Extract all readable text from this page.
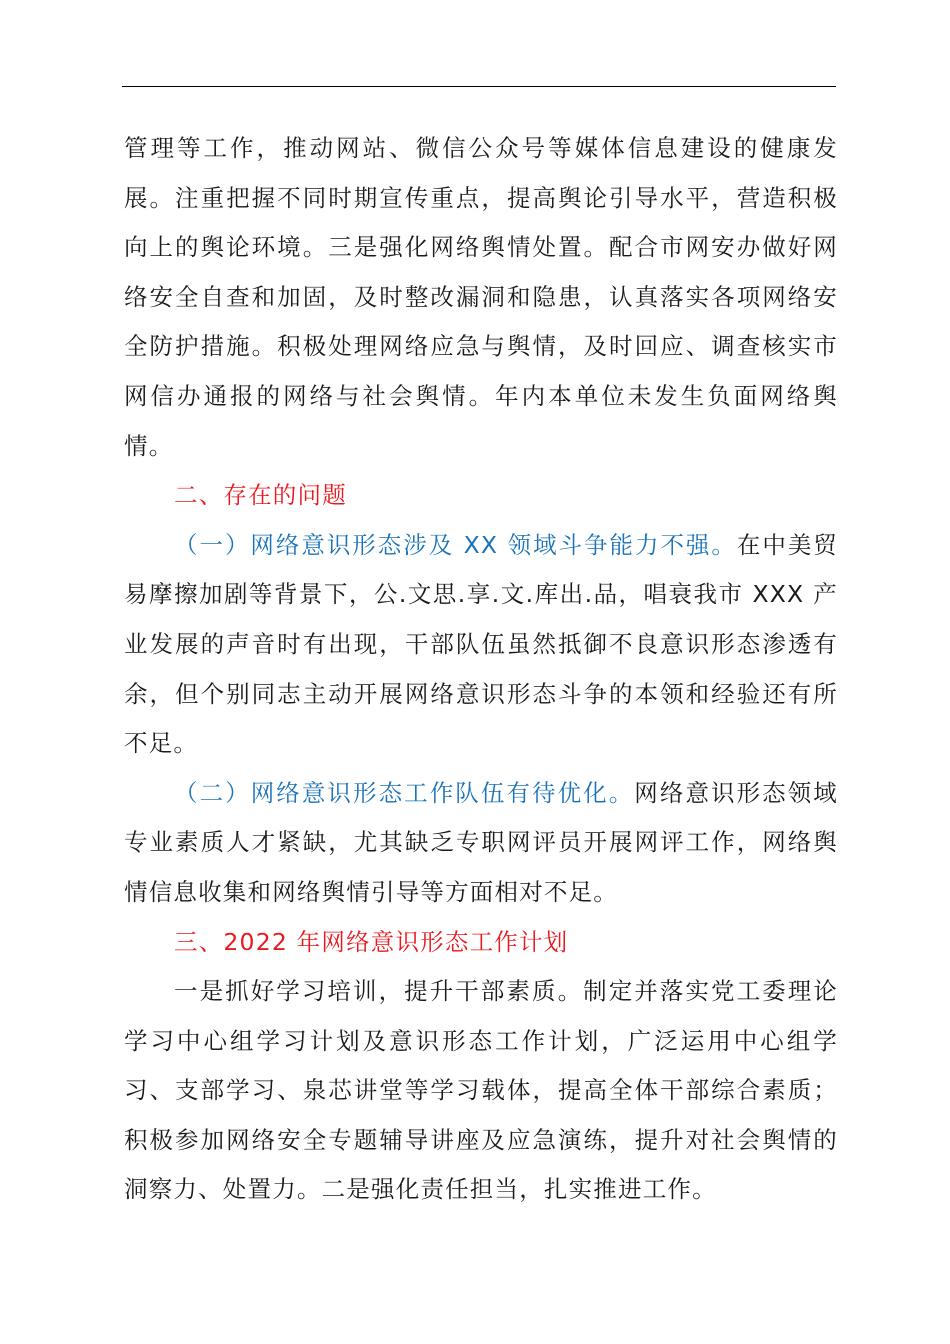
管理等工作，推动网站、微信公众号等媒体信息建设的健康发展。注重把握不同时期宣传重点，提高舆论引导水平，营造积极向上的舆论环境。三是强化网络舆情处置。配合市网安办做好网络安全自查和加固，及时整改漏洞和隐患，认真落实各项网络安全防护措施。积极处理网络应急与舆情，及时回应、调查核实市网信办通报的网络与社会舆情。年内本单位未发生负面网络舆情。

二、存在的问题

（一）网络意识形态涉及 XX 领域斗争能力不强。在中美贸易摩擦加剧等背景下，公.文思.享.文.库出.品，唱衰我市 XXX 产业发展的声音时有出现，干部队伍虽然抵御不良意识形态渗透有余，但个别同志主动开展网络意识形态斗争的本领和经验还有所不足。

（二）网络意识形态工作队伍有待优化。网络意识形态领域专业素质人才紧缺，尤其缺乏专职网评员开展网评工作，网络舆情信息收集和网络舆情引导等方面相对不足。

三、2022 年网络意识形态工作计划

一是抓好学习培训，提升干部素质。制定并落实党工委理论学习中心组学习计划及意识形态工作计划，广泛运用中心组学习、支部学习、泉芯讲堂等学习载体，提高全体干部综合素质；积极参加网络安全专题辅导讲座及应急演练，提升对社会舆情的洞察力、处置力。二是强化责任担当，扎实推进工作。
